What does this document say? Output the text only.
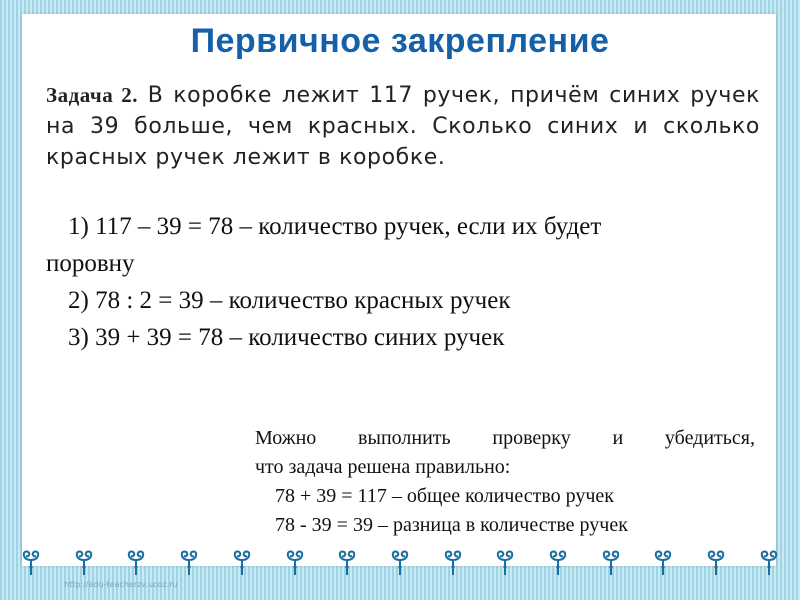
Первичное закрепление
Задача 2. В коробке лежит 117 ручек, причём синих ручек на 39 больше, чем красных. Сколько синих и сколько красных ручек лежит в коробке.
1) 117 – 39 = 78 – количество ручек, если их будет
поровну
2) 78 : 2 = 39 – количество красных ручек
3) 39 + 39 = 78 – количество синих ручек
Можно выполнить проверку и убедиться,
что задача решена правильно:
78 + 39 = 117 – общее количество ручек
78 - 39 = 39 – разница в количестве ручек
http://edu-teacherzv.ucoz.ru
